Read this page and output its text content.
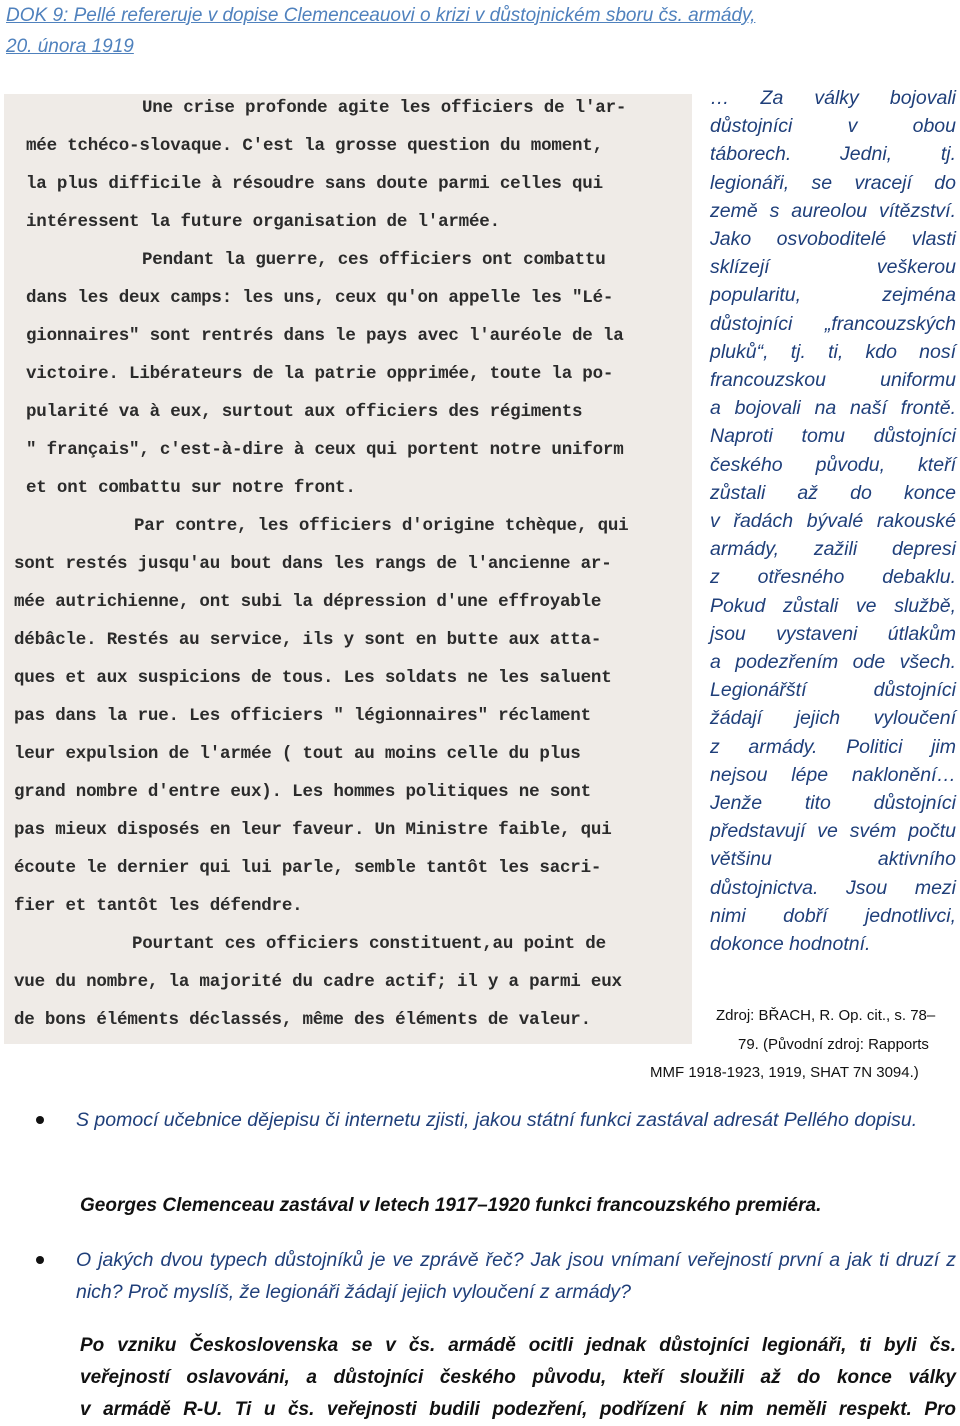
DOK 9: Pellé refereruje v dopise Clemenceauovi o krizi v důstojnickém sboru čs. armády,
20. února 1919
Une crise profonde agite les officiers de l'ar-
mée tchéco-slovaque. C'est la grosse question du moment,
la plus difficile à résoudre sans doute parmi celles qui
intéressent la future organisation de l'armée.
Pendant la guerre, ces officiers ont combattu
dans les deux camps: les uns, ceux qu'on appelle les "Lé-
gionnaires" sont rentrés dans le pays avec l'auréole de la
victoire. Libérateurs de la patrie opprimée, toute la po-
pularité va à eux, surtout aux officiers des régiments
" français", c'est-à-dire à ceux qui portent notre uniform
et ont combattu sur notre front.
Par contre, les officiers d'origine tchèque, qui
sont restés jusqu'au bout dans les rangs de l'ancienne ar-
mée autrichienne, ont subi la dépression d'une effroyable
débâcle. Restés au service, ils y sont en butte aux atta-
ques et aux suspicions de tous. Les soldats ne les saluent
pas dans la rue. Les officiers " légionnaires" réclament
leur expulsion de l'armée ( tout au moins celle du plus
grand nombre d'entre eux). Les hommes politiques ne sont
pas mieux disposés en leur faveur. Un Ministre faible, qui
écoute le dernier qui lui parle, semble tantôt les sacri-
fier et tantôt les défendre.
Pourtant ces officiers constituent,au point de
vue du nombre, la majorité du cadre actif; il y a parmi eux
de bons éléments déclassés, même des éléments de valeur.
… Za války bojovali
důstojníci v obou
táborech. Jedni, tj.
legionáři, se vracejí do
země s aureolou vítězství.
Jako osvoboditelé vlasti
sklízejí veškerou
popularitu, zejména
důstojníci „francouzských
pluků“, tj. ti, kdo nosí
francouzskou uniformu
a bojovali na naší frontě.
Naproti tomu důstojníci
českého původu, kteří
zůstali až do konce
v řadách bývalé rakouské
armády, zažili depresi
z otřesného debaklu.
Pokud zůstali ve službě,
jsou vystaveni útlakům
a podezřením ode všech.
Legionářští důstojníci
žádají jejich vyloučení
z armády. Politici jim
nejsou lépe naklonění…
Jenže tito důstojníci
představují ve svém počtu
většinu aktivního
důstojnictva. Jsou mezi
nimi dobří jednotlivci,
dokonce hodnotní.
Zdroj: BŘACH, R. Op. cit., s. 78–
79. (Původní zdroj: Rapports
MMF 1918-1923, 1919, SHAT 7N 3094.)
S pomocí učebnice dějepisu či internetu zjisti, jakou státní funkci zastával adresát Pellého dopisu.
Georges Clemenceau zastával v letech 1917–1920 funkci francouzského premiéra.
O jakých dvou typech důstojníků je ve zprávě řeč? Jak jsou vnímaní veřejností první a jak ti druzí z nich? Proč myslíš, že legionáři žádají jejich vyloučení z armády?
Po vzniku Československa se v čs. armádě ocitli jednak důstojníci legionáři, ti byli čs.
veřejností oslavováni, a důstojníci českého původu, kteří sloužili až do konce války
v armádě R-U. Ti u čs. veřejnosti budili podezření, podřízení k nim neměli respekt. Pro
